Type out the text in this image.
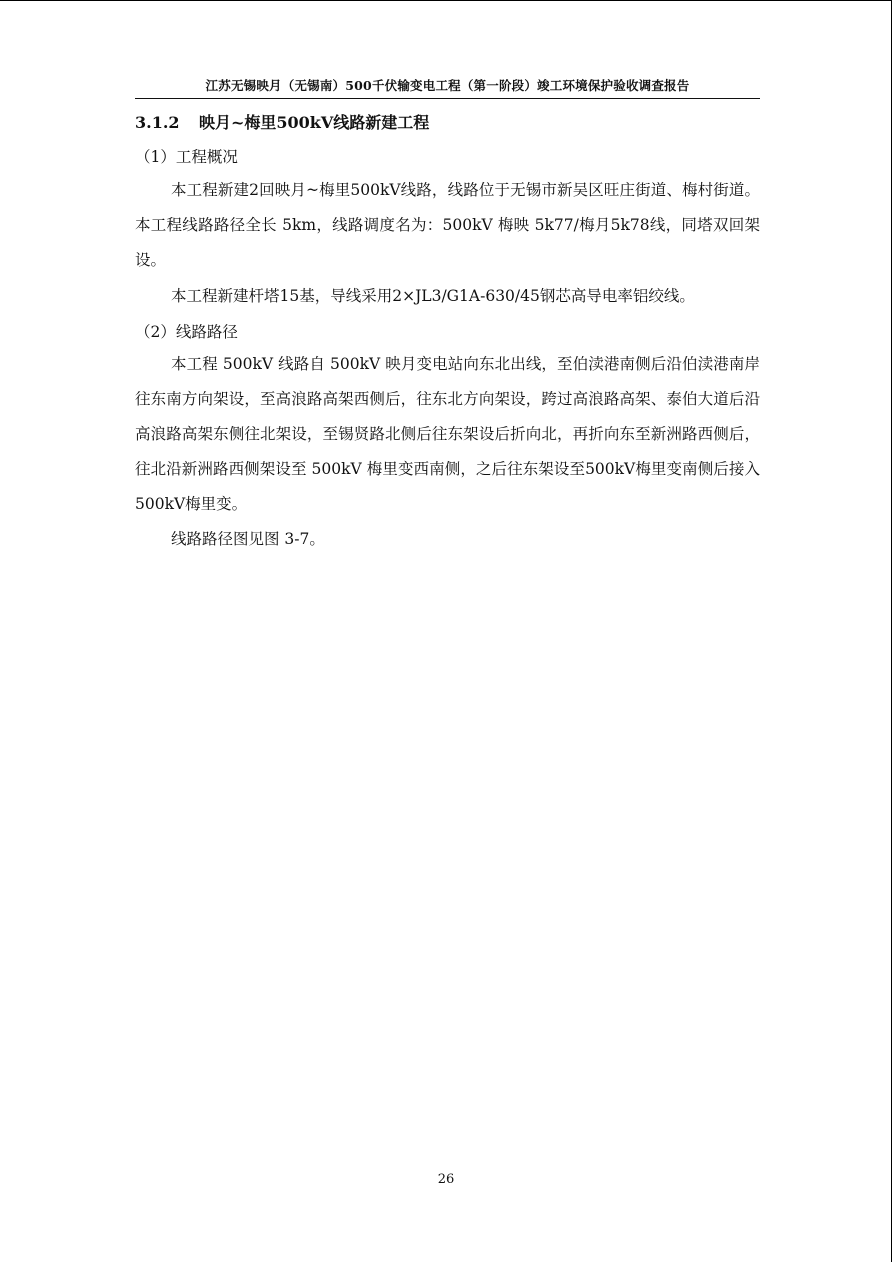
江苏无锡映月（无锡南）500千伏输变电工程（第一阶段）竣工环境保护验收调查报告
3.1.2 映月~梅里500kV线路新建工程
（1）工程概况

本工程新建2回映月~梅里500kV线路，线路位于无锡市新吴区旺庄街道、梅村街道。本工程线路路径全长 5km，线路调度名为：500kV 梅映 5k77/梅月5k78线，同塔双回架设。

本工程新建杆塔15基，导线采用2×JL3/G1A-630/45钢芯高导电率铝绞线。

（2）线路路径

本工程 500kV 线路自 500kV 映月变电站向东北出线，至伯渎港南侧后沿伯渎港南岸往东南方向架设，至高浪路高架西侧后，往东北方向架设，跨过高浪路高架、泰伯大道后沿高浪路高架东侧往北架设，至锡贤路北侧后往东架设后折向北，再折向东至新洲路西侧后，往北沿新洲路西侧架设至 500kV 梅里变西南侧，之后往东架设至500kV梅里变南侧后接入500kV梅里变。

线路路径图见图 3-7。

26
